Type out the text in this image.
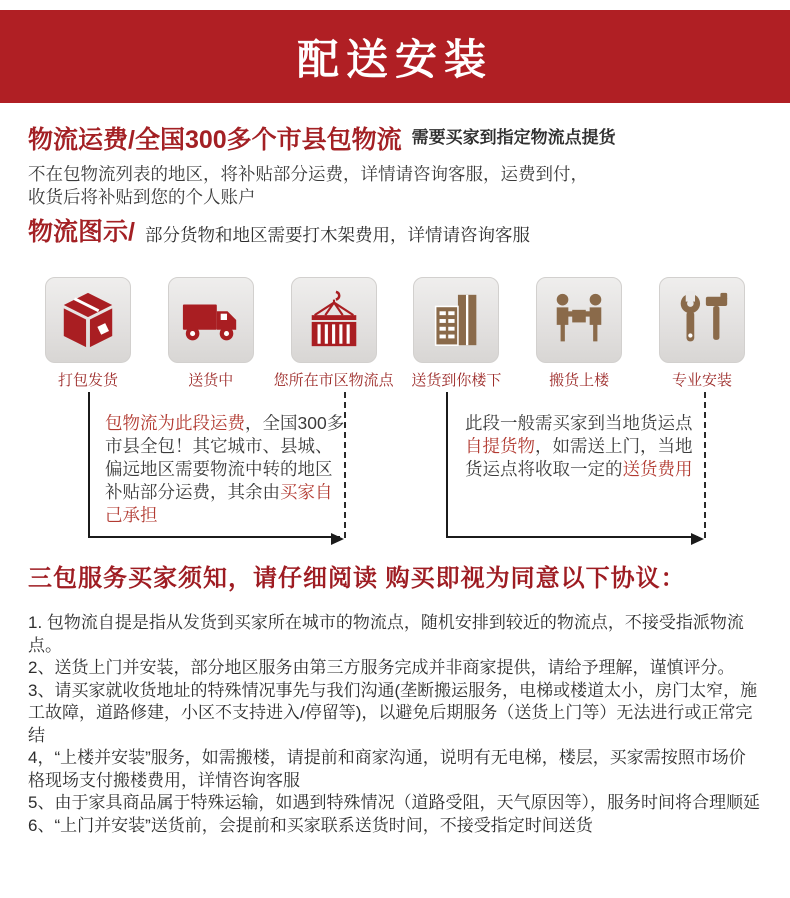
配送安装
物流运费/全国300多个市县包物流 需要买家到指定物流点提货
不在包物流列表的地区，将补贴部分运费，详情请咨询客服，运费到付，
收货后将补贴到您的个人账户
物流图示/ 部分货物和地区需要打木架费用，详情请咨询客服
打包发货	送货中	您所在市区物流点 送货到你楼下	搬货上楼	专业安装
包物流为此段运费，全国300多市县全包！其它城市、县城、偏远地区需要物流中转的地区补贴部分运费，其余由买家自己承担
此段一般需买家到当地货运点自提货物，如需送上门，当地货运点将收取一定的送货费用
三包服务买家须知，请仔细阅读 购买即视为同意以下协议：

1. 包物流自提是指从发货到买家所在城市的物流点，随机安排到较近的物流点，不接受指派物流点。

2、送货上门并安装，部分地区服务由第三方服务完成并非商家提供，请给予理解，谨慎评分。

3、请买家就收货地址的特殊情况事先与我们沟通(垄断搬运服务，电梯或楼道太小，房门太窄，施工故障，道路修建，小区不支持进入/停留等)，以避免后期服务（送货上门等）无法进行或正常完结

4，“上楼并安装”服务，如需搬楼，请提前和商家沟通，说明有无电梯，楼层，买家需按照市场价格现场支付搬楼费用，详情咨询客服

5、由于家具商品属于特殊运输，如遇到特殊情况（道路受阻，天气原因等），服务时间将合理顺延

6、“上门并安装”送货前，会提前和买家联系送货时间，不接受指定时间送货
